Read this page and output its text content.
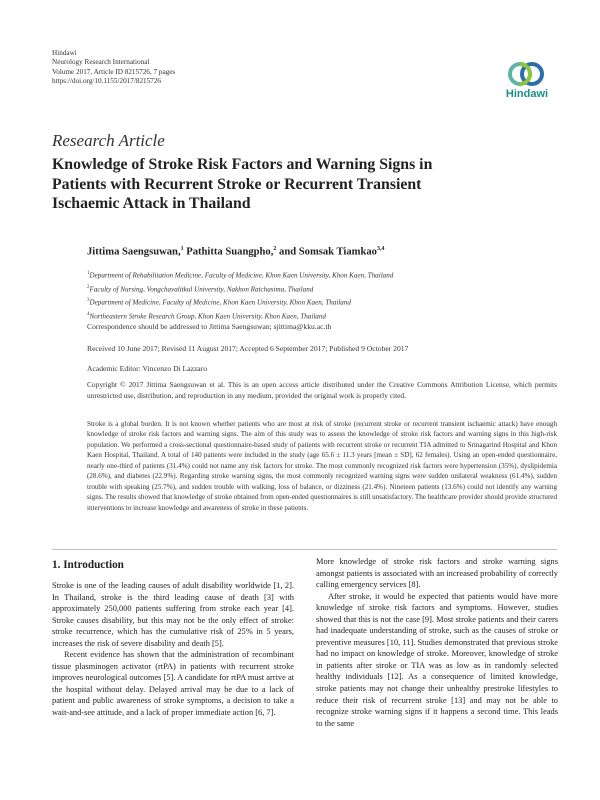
Hindawi
Neurology Research International
Volume 2017, Article ID 8215726, 7 pages
https://doi.org/10.1155/2017/8215726
Hindawi
Research Article
Knowledge of Stroke Risk Factors and Warning Signs in Patients with Recurrent Stroke or Recurrent Transient Ischaemic Attack in Thailand
Jittima Saengsuwan,$^1$ Pathitta Suangpho,$^2$ and Somsak Tiamkao$^{3,4}$
$^1$Department of Rehabilitation Medicine, Faculty of Medicine, Khon Kaen University, Khon Kaen, Thailand
$^2$Faculty of Nursing, Vongchavalitkul University, Nakhon Ratchasima, Thailand
$^3$Department of Medicine, Faculty of Medicine, Khon Kaen University, Khon Kaen, Thailand
$^4$Northeastern Stroke Research Group, Khon Kaen University, Khon Kaen, Thailand
Correspondence should be addressed to Jittima Saengsuwan; sjittima@kku.ac.th
Received 10 June 2017; Revised 11 August 2017; Accepted 6 September 2017; Published 9 October 2017
Academic Editor: Vincenzo Di Lazzaro
Copyright © 2017 Jittima Saengsuwan et al. This is an open access article distributed under the Creative Commons Attribution License, which permits unrestricted use, distribution, and reproduction in any medium, provided the original work is properly cited.
Stroke is a global burden. It is not known whether patients who are most at risk of stroke (recurrent stroke or recurrent transient ischaemic attack) have enough knowledge of stroke risk factors and warning signs. The aim of this study was to assess the knowledge of stroke risk factors and warning signs in this high-risk population. We performed a cross-sectional questionnaire-based study of patients with recurrent stroke or recurrent TIA admitted to Srinagarind Hospital and Khon Kaen Hospital, Thailand. A total of 140 patients were included in the study (age 65.6 ± 11.3 years [mean ± SD], 62 females). Using an open-ended questionnaire, nearly one-third of patients (31.4%) could not name any risk factors for stroke. The most commonly recognized risk factors were hypertension (35%), dyslipidemia (28.6%), and diabetes (22.9%). Regarding stroke warning signs, the most commonly recognized warning signs were sudden unilateral weakness (61.4%), sudden trouble with speaking (25.7%), and sudden trouble with walking, loss of balance, or dizziness (21.4%). Nineteen patients (13.6%) could not identify any warning signs. The results showed that knowledge of stroke obtained from open-ended questionnaires is still unsatisfactory. The healthcare provider should provide structured interventions to increase knowledge and awareness of stroke in these patients.
1. Introduction

Stroke is one of the leading causes of adult disability worldwide [1, 2]. In Thailand, stroke is the third leading cause of death [3] with approximately 250,000 patients suffering from stroke each year [4]. Stroke causes disability, but this may not be the only effect of stroke: stroke recurrence, which has the cumulative risk of 25% in 5 years, increases the risk of severe disability and death [5].

Recent evidence has shown that the administration of recombinant tissue plasminogen activator (rtPA) in patients with recurrent stroke improves neurological outcomes [5]. A candidate for rtPA must arrive at the hospital without delay. Delayed arrival may be due to a lack of patient and public awareness of stroke symptoms, a decision to take a wait-and-see attitude, and a lack of proper immediate action [6, 7].

More knowledge of stroke risk factors and stroke warning signs amongst patients is associated with an increased probability of correctly calling emergency services [8].

After stroke, it would be expected that patients would have more knowledge of stroke risk factors and symptoms. However, studies showed that this is not the case [9]. Most stroke patients and their carers had inadequate understanding of stroke, such as the causes of stroke or preventive measures [10, 11]. Studies demonstrated that previous stroke had no impact on knowledge of stroke. Moreover, knowledge of stroke in patients after stroke or TIA was as low as in randomly selected healthy individuals [12]. As a consequence of limited knowledge, stroke patients may not change their unhealthy prestroke lifestyles to reduce their risk of recurrent stroke [13] and may not be able to recognize stroke warning signs if it happens a second time. This leads to the same
